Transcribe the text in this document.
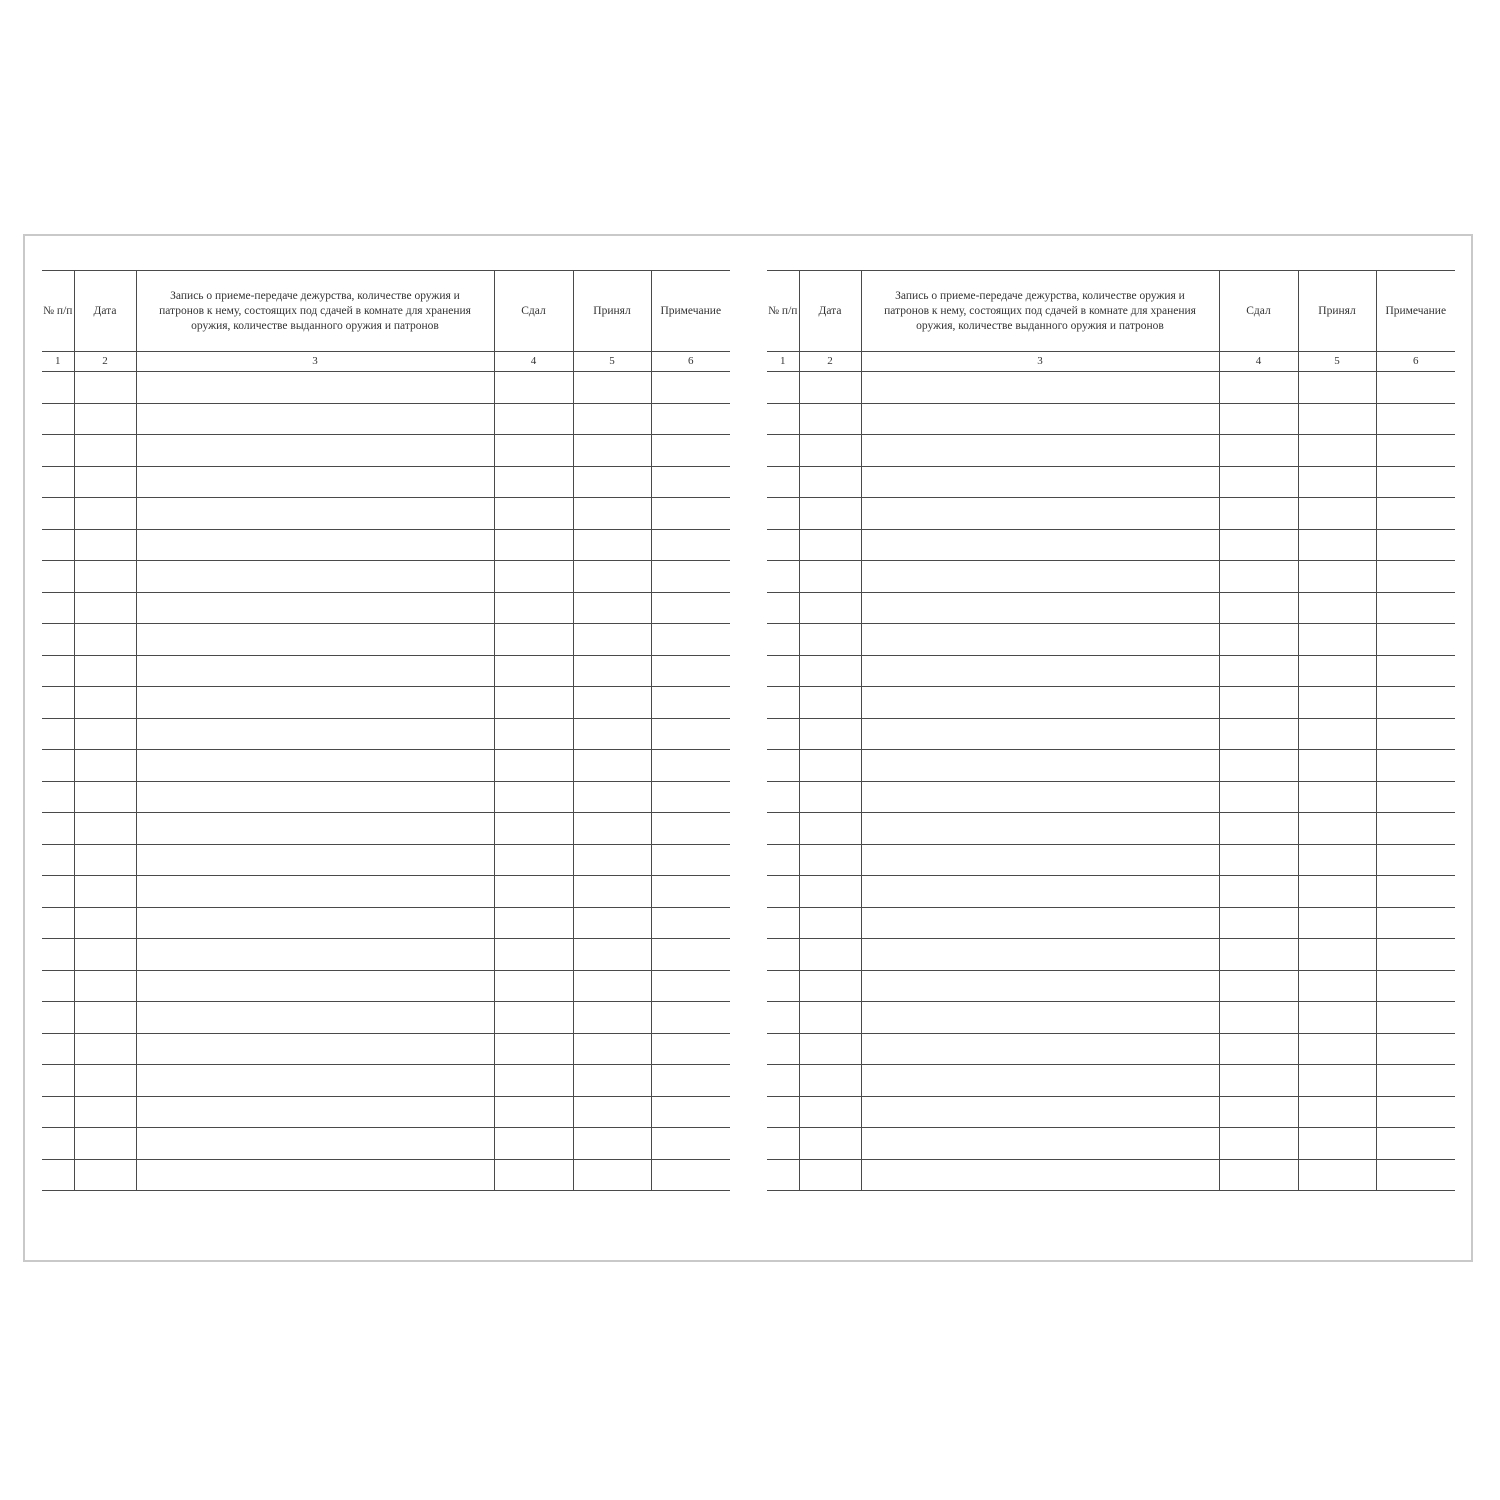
№ п/п	Дата	Запись о приеме-передаче дежурства, количестве оружия и патронов к нему, состоящих под сдачей в комнате для хранения оружия, количестве выданного оружия и патронов	Сдал	Принял	Примечание
1	2	3	4	5	6

№ п/п	Дата	Запись о приеме-передаче дежурства, количестве оружия и патронов к нему, состоящих под сдачей в комнате для хранения оружия, количестве выданного оружия и патронов	Сдал	Принял	Примечание
1	2	3	4	5	6
